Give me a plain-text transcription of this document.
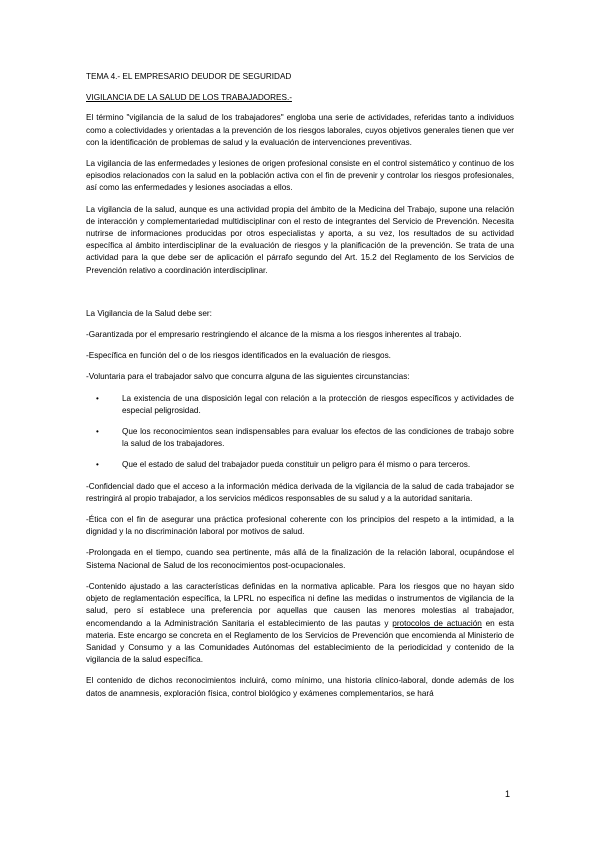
TEMA 4.- EL EMPRESARIO DEUDOR DE SEGURIDAD

VIGILANCIA DE LA SALUD DE LOS TRABAJADORES.-

El término "vigilancia de la salud de los trabajadores" engloba una serie de actividades, referidas tanto a individuos como a colectividades y orientadas a la prevención de los riesgos laborales, cuyos objetivos generales tienen que ver con la identificación de problemas de salud y la evaluación de intervenciones preventivas.

La vigilancia de las enfermedades y lesiones de origen profesional consiste en el control sistemático y continuo de los episodios relacionados con la salud en la población activa con el fin de prevenir y controlar los riesgos profesionales, así como las enfermedades y lesiones asociadas a ellos.

La vigilancia de la salud, aunque es una actividad propia del ámbito de la Medicina del Trabajo, supone una relación de interacción y complementariedad multidisciplinar con el resto de integrantes del Servicio de Prevención. Necesita nutrirse de informaciones producidas por otros especialistas y aporta, a su vez, los resultados de su actividad específica al ámbito interdisciplinar de la evaluación de riesgos y la planificación de la prevención. Se trata de una actividad para la que debe ser de aplicación el párrafo segundo del Art. 15.2 del Reglamento de los Servicios de Prevención relativo a coordinación interdisciplinar.

La Vigilancia de la Salud debe ser:

-Garantizada por el empresario restringiendo el alcance de la misma a los riesgos inherentes al trabajo.

-Específica en función del o de los riesgos identificados en la evaluación de riesgos.

-Voluntaria para el trabajador salvo que concurra alguna de las siguientes circunstancias:

•	La existencia de una disposición legal con relación a la protección de riesgos específicos y actividades de especial peligrosidad.
•	Que los reconocimientos sean indispensables para evaluar los efectos de las condiciones de trabajo sobre la salud de los trabajadores.
•	Que el estado de salud del trabajador pueda constituir un peligro para él mismo o para terceros.

-Confidencial dado que el acceso a la información médica derivada de la vigilancia de la salud de cada trabajador se restringirá al propio trabajador, a los servicios médicos responsables de su salud y a la autoridad sanitaria.

-Ética con el fin de asegurar una práctica profesional coherente con los principios del respeto a la intimidad, a la dignidad y la no discriminación laboral por motivos de salud.

-Prolongada en el tiempo, cuando sea pertinente, más allá de la finalización de la relación laboral, ocupándose el Sistema Nacional de Salud de los reconocimientos post-ocupacionales.

-Contenido ajustado a las características definidas en la normativa aplicable. Para los riesgos que no hayan sido objeto de reglamentación específica, la LPRL no especifica ni define las medidas o instrumentos de vigilancia de la salud, pero sí establece una preferencia por aquellas que causen las menores molestias al trabajador, encomendando a la Administración Sanitaria el establecimiento de las pautas y protocolos de actuación en esta materia. Este encargo se concreta en el Reglamento de los Servicios de Prevención que encomienda al Ministerio de Sanidad y Consumo y a las Comunidades Autónomas del establecimiento de la periodicidad y contenido de la vigilancia de la salud específica.

El contenido de dichos reconocimientos incluirá, como mínimo, una historia clínico-laboral, donde además de los datos de anamnesis, exploración física, control biológico y exámenes complementarios, se hará

1
